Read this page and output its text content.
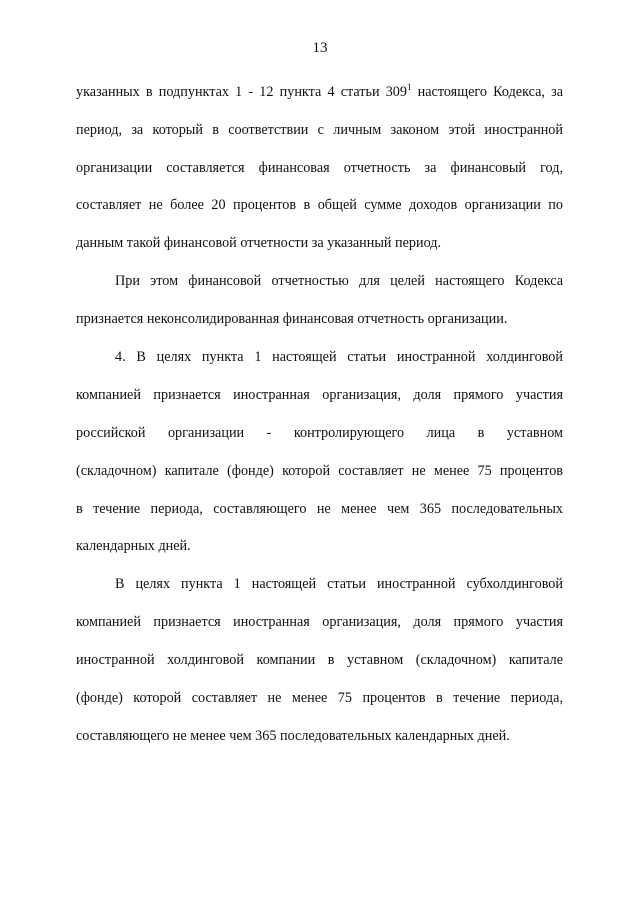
13
указанных в подпунктах 1 - 12 пункта 4 статьи $309^1$ настоящего Кодекса, за
период, за который в соответствии с личным законом этой иностранной
организации составляется финансовая отчетность за финансовый год,
составляет не более 20 процентов в общей сумме доходов организации по
данным такой финансовой отчетности за указанный период.
При этом финансовой отчетностью для целей настоящего Кодекса
признается неконсолидированная финансовая отчетность организации.
4. В целях пункта 1 настоящей статьи иностранной холдинговой
компанией признается иностранная организация, доля прямого участия
российской организации - контролирующего лица в уставном
(складочном) капитале (фонде) которой составляет не менее 75 процентов
в течение периода, составляющего не менее чем 365 последовательных
календарных дней.
В целях пункта 1 настоящей статьи иностранной субхолдинговой
компанией признается иностранная организация, доля прямого участия
иностранной холдинговой компании в уставном (складочном) капитале
(фонде) которой составляет не менее 75 процентов в течение периода,
составляющего не менее чем 365 последовательных календарных дней.
